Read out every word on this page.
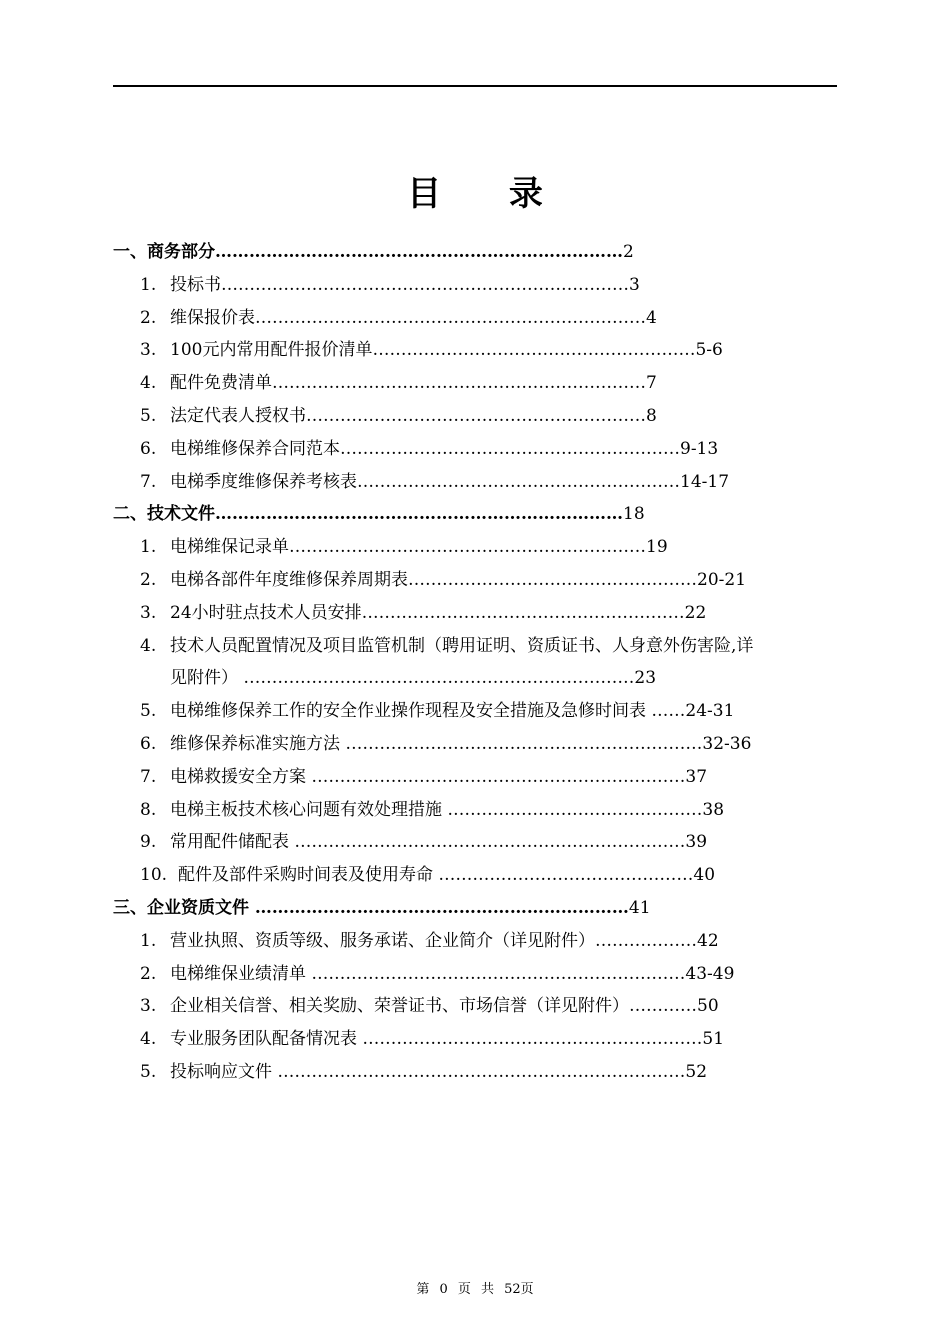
目 录
一、商务部分………………………………………………………………2
1. 投标书………………………………………………………………3
2. 维保报价表……………………………………………………………4
3. 100元内常用配件报价清单…………………………………………………5-6
4. 配件免费清单…………………………………………………………7
5. 法定代表人授权书……………………………………………………8
6. 电梯维修保养合同范本……………………………………………………9-13
7. 电梯季度维修保养考核表…………………………………………………14-17
二、技术文件………………………………………………………………18
1. 电梯维保记录单………………………………………………………19
2. 电梯各部件年度维修保养周期表……………………………………………20-21
3. 24小时驻点技术人员安排…………………………………………………22
4. 技术人员配置情况及项目监管机制（聘用证明、资质证书、人身意外伤害险,详
见附件） ……………………………………………………………23
5. 电梯维修保养工作的安全作业操作现程及安全措施及急修时间表 ……24-31
6. 维修保养标准实施方法 ………………………………………………………32-36
7. 电梯救援安全方案 …………………………………………………………37
8. 电梯主板技术核心问题有效处理措施 ………………………………………38
9. 常用配件储配表 ……………………………………………………………39
10. 配件及部件采购时间表及使用寿命 ………………………………………40
三、企业资质文件 …………………………………………………………41
1. 营业执照、资质等级、服务承诺、企业简介（详见附件）………………42
2. 电梯维保业绩清单 …………………………………………………………43-49
3. 企业相关信誉、相关奖励、荣誉证书、市场信誉（详见附件）…………50
4. 专业服务团队配备情况表 ……………………………………………………51
5. 投标响应文件 ………………………………………………………………52
第 0 页 共 52页
